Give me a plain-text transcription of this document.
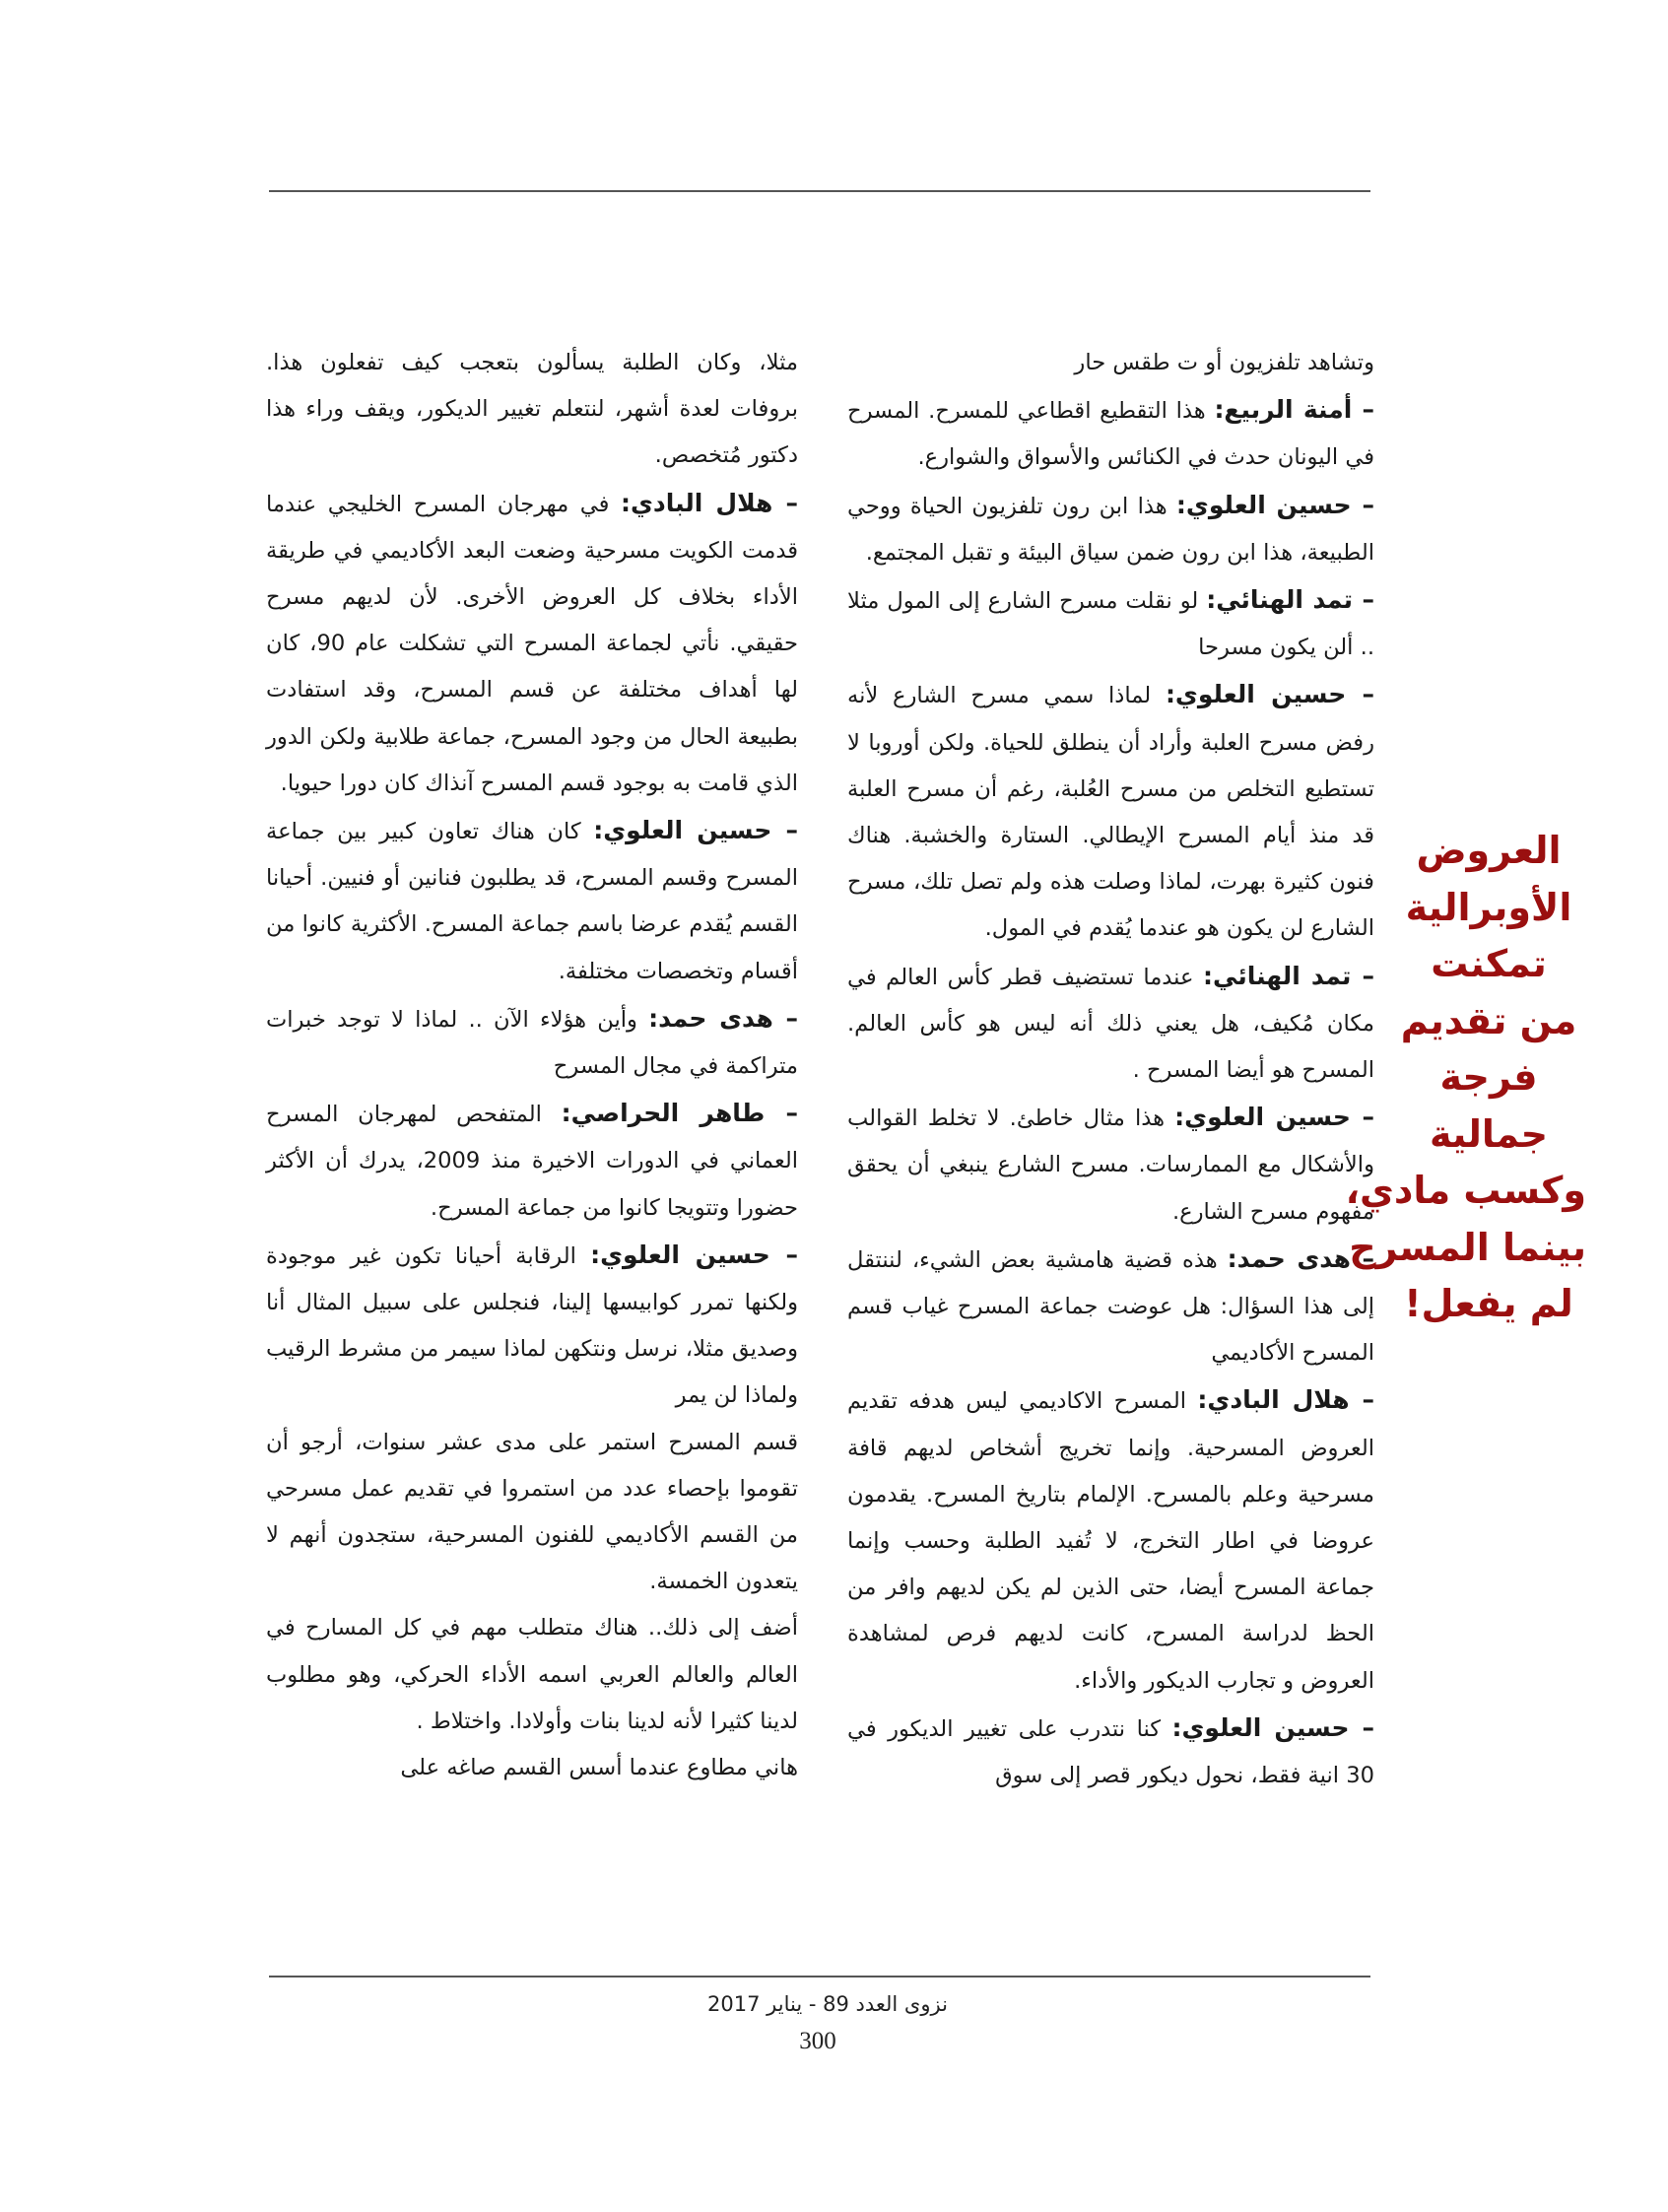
وتشاهد تلفزيون أو ت طقس حار

– أمنة الربيع: هذا التقطيع اقطاعي للمسرح. المسرح في اليونان حدث في الكنائس والأسواق والشوارع.

– حسين العلوي: هذا ابن رون تلفزيون الحياة ووحي الطبيعة، هذا ابن رون ضمن سياق البيئة و تقبل المجتمع.

– تمد الهنائي: لو نقلت مسرح الشارع إلى المول مثلا .. ألن يكون مسرحا

– حسين العلوي: لماذا سمي مسرح الشارع لأنه رفض مسرح العلبة وأراد أن ينطلق للحياة. ولكن أوروبا لا تستطيع التخلص من مسرح العُلبة، رغم أن مسرح العلبة قد منذ أيام المسرح الإيطالي. الستارة والخشبة. هناك فنون كثيرة بهرت، لماذا وصلت هذه ولم تصل تلك، مسرح الشارع لن يكون هو عندما يُقدم في المول.

– تمد الهنائي: عندما تستضيف قطر كأس العالم في مكان مُكيف، هل يعني ذلك أنه ليس هو كأس العالم. المسرح هو أيضا المسرح .

– حسين العلوي: هذا مثال خاطئ. لا تخلط القوالب والأشكال مع الممارسات. مسرح الشارع ينبغي أن يحقق مفهوم مسرح الشارع.

– هدى حمد: هذه قضية هامشية بعض الشيء، لننتقل إلى هذا السؤال: هل عوضت جماعة المسرح غياب قسم المسرح الأكاديمي

– هلال البادي: المسرح الاكاديمي ليس هدفه تقديم العروض المسرحية. وإنما تخريج أشخاص لديهم قافة مسرحية وعلم بالمسرح. الإلمام بتاريخ المسرح. يقدمون عروضا في اطار التخرج، لا تُفيد الطلبة وحسب وإنما جماعة المسرح أيضا، حتى الذين لم يكن لديهم وافر من الحظ لدراسة المسرح، كانت لديهم فرص لمشاهدة العروض و تجارب الديكور والأداء.

– حسين العلوي: كنا نتدرب على تغيير الديكور في 30 انية فقط، نحول ديكور قصر إلى سوق

مثلا، وكان الطلبة يسألون بتعجب كيف تفعلون هذا. بروفات لعدة أشهر، لنتعلم تغيير الديكور، ويقف وراء هذا دكتور مُتخصص.

– هلال البادي: في مهرجان المسرح الخليجي عندما قدمت الكويت مسرحية وضعت البعد الأكاديمي في طريقة الأداء بخلاف كل العروض الأخرى. لأن لديهم مسرح حقيقي. نأتي لجماعة المسرح التي تشكلت عام 90، كان لها أهداف مختلفة عن قسم المسرح، وقد استفادت بطبيعة الحال من وجود المسرح، جماعة طلابية ولكن الدور الذي قامت به بوجود قسم المسرح آنذاك كان دورا حيويا.

– حسين العلوي: كان هناك تعاون كبير بين جماعة المسرح وقسم المسرح، قد يطلبون فنانين أو فنيين. أحيانا القسم يُقدم عرضا باسم جماعة المسرح. الأكثرية كانوا من أقسام وتخصصات مختلفة.

– هدى حمد: وأين هؤلاء الآن .. لماذا لا توجد خبرات متراكمة في مجال المسرح

– طاهر الحراصي: المتفحص لمهرجان المسرح العماني في الدورات الاخيرة منذ 2009، يدرك أن الأكثر حضورا وتتويجا كانوا من جماعة المسرح.

– حسين العلوي: الرقابة أحيانا تكون غير موجودة ولكنها تمرر كوابيسها إلينا، فنجلس على سبيل المثال أنا وصديق مثلا، نرسل ونتكهن لماذا سيمر من مشرط الرقيب ولماذا لن يمر

قسم المسرح استمر على مدى عشر سنوات، أرجو أن تقوموا بإحصاء عدد من استمروا في تقديم عمل مسرحي من القسم الأكاديمي للفنون المسرحية، ستجدون أنهم لا يتعدون الخمسة.

أضف إلى ذلك.. هناك متطلب مهم في كل المسارح في العالم والعالم العربي اسمه الأداء الحركي، وهو مطلوب لدينا كثيرا لأنه لدينا بنات وأولادا. واختلاط .

هاني مطاوع عندما أسس القسم صاغه على

العروض
الأوبرالية
تمكنت
من تقديم
فرجة
جمالية
وكسب مادي،
بينما المسرح
لم يفعل!
نزوى العدد 89 - يناير 2017
300
